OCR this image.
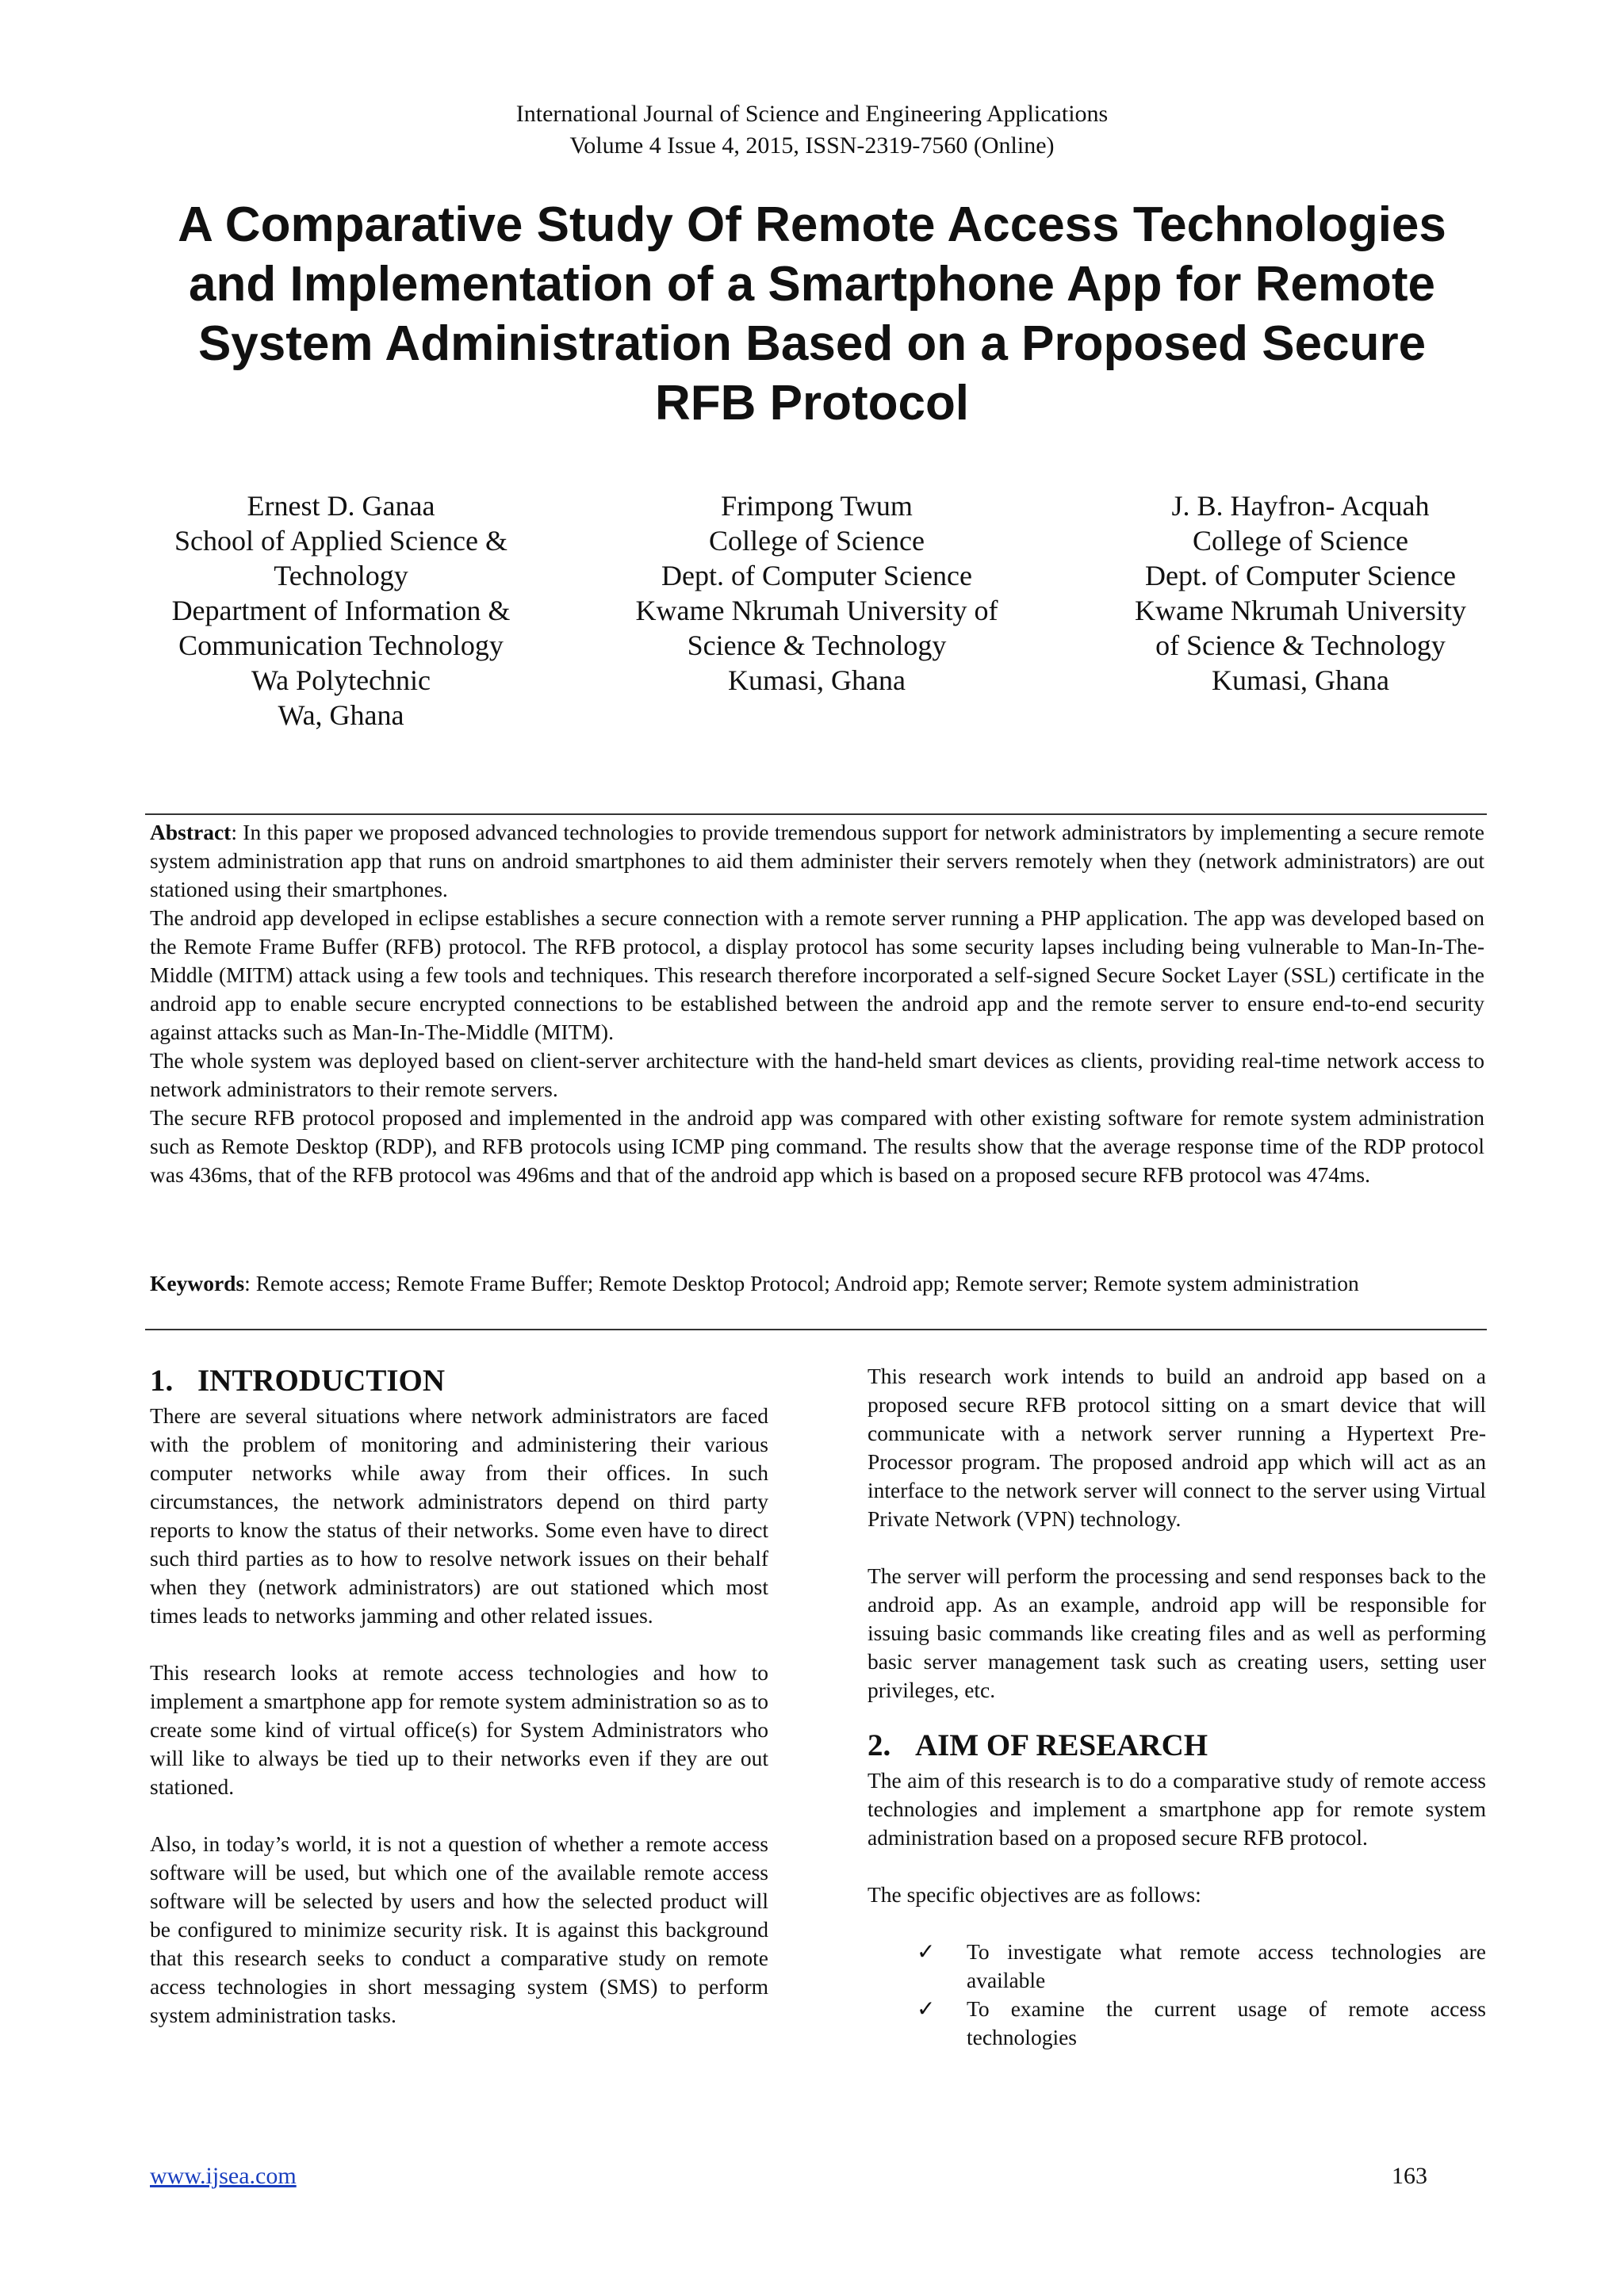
International Journal of Science and Engineering Applications
Volume 4 Issue 4, 2015, ISSN-2319-7560 (Online)
A Comparative Study Of Remote Access Technologies
and Implementation of a Smartphone App for Remote
System Administration Based on a Proposed Secure
RFB Protocol
Ernest D. Ganaa
School of Applied Science &
Technology
Department of Information &
Communication Technology
Wa Polytechnic
Wa, Ghana
Frimpong Twum
College of Science
Dept. of Computer Science
Kwame Nkrumah University of
Science & Technology
Kumasi, Ghana
J. B. Hayfron- Acquah
College of Science
Dept. of Computer Science
Kwame Nkrumah University
of Science & Technology
Kumasi, Ghana

Abstract: In this paper we proposed advanced technologies to provide tremendous support for network administrators by implementing a secure remote system administration app that runs on android smartphones to aid them administer their servers remotely when they (network administrators) are out stationed using their smartphones.

The android app developed in eclipse establishes a secure connection with a remote server running a PHP application. The app was developed based on the Remote Frame Buffer (RFB) protocol. The RFB protocol, a display protocol has some security lapses including being vulnerable to Man-In-The-Middle (MITM) attack using a few tools and techniques. This research therefore incorporated a self-signed Secure Socket Layer (SSL) certificate in the android app to enable secure encrypted connections to be established between the android app and the remote server to ensure end-to-end security against attacks such as Man-In-The-Middle (MITM).

The whole system was deployed based on client-server architecture with the hand-held smart devices as clients, providing real-time network access to network administrators to their remote servers.

The secure RFB protocol proposed and implemented in the android app was compared with other existing software for remote system administration such as Remote Desktop (RDP), and RFB protocols using ICMP ping command. The results show that the average response time of the RDP protocol was 436ms, that of the RFB protocol was 496ms and that of the android app which is based on a proposed secure RFB protocol was 474ms.

Keywords: Remote access; Remote Frame Buffer; Remote Desktop Protocol; Android app; Remote server; Remote system administration

1. INTRODUCTION

There are several situations where network administrators are faced with the problem of monitoring and administering their various computer networks while away from their offices. In such circumstances, the network administrators depend on third party reports to know the status of their networks. Some even have to direct such third parties as to how to resolve network issues on their behalf when they (network administrators) are out stationed which most times leads to networks jamming and other related issues.

This research looks at remote access technologies and how to implement a smartphone app for remote system administration so as to create some kind of virtual office(s) for System Administrators who will like to always be tied up to their networks even if they are out stationed.

Also, in today’s world, it is not a question of whether a remote access software will be used, but which one of the available remote access software will be selected by users and how the selected product will be configured to minimize security risk. It is against this background that this research seeks to conduct a comparative study on remote access technologies in short messaging system (SMS) to perform system administration tasks.

This research work intends to build an android app based on a proposed secure RFB protocol sitting on a smart device that will communicate with a network server running a Hypertext Pre-Processor program. The proposed android app which will act as an interface to the network server will connect to the server using Virtual Private Network (VPN) technology.

The server will perform the processing and send responses back to the android app. As an example, android app will be responsible for issuing basic commands like creating files and as well as performing basic server management task such as creating users, setting user privileges, etc.

2. AIM OF RESEARCH

The aim of this research is to do a comparative study of remote access technologies and implement a smartphone app for remote system administration based on a proposed secure RFB protocol.

The specific objectives are as follows:

✓ To investigate what remote access technologies are available
✓ To examine the current usage of remote access technologies
www.ijsea.com	163
